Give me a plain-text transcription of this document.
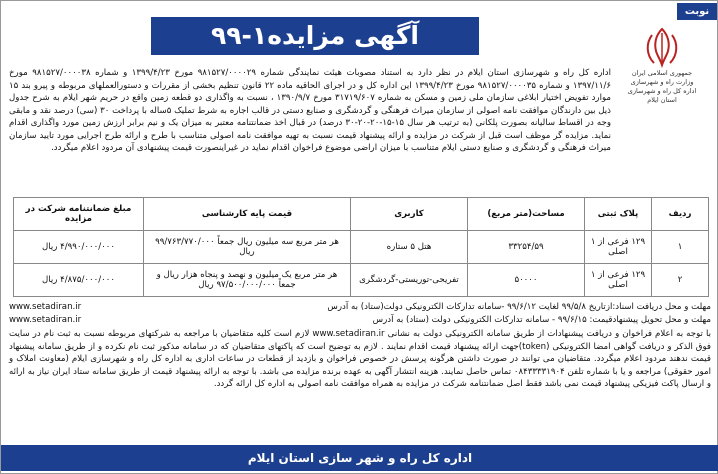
نوبت دوم
آگهی مزایده۱-۹۹
جمهوری اسلامی ایران
وزارت راه و شهرسازی
اداره کل راه و شهرسازی
استان ایلام
اداره کل راه و شهرسازی استان ایلام در نظر دارد به استناد مصوبات هیئت نمایندگی شماره ۹۸۱۵۲۷/۰۰۰۰۲۹ مورخ ۱۳۹۹/۴/۲۳ و شماره ۹۸۱۵۲۷/۰۰۰۰۳۸ مورخ ۱۳۹۷/۱۱/۶ و شماره ۹۸۱۵۲۷/۰۰۰۰۳۵ مورخ ۱۳۹۹/۴/۲۳ این اداره کل و در اجرای الحاقیه ماده ۲۲ قانون تنظیم بخشی از مقررات و دستورالعملهای مربوطه و پیرو بند ۱۵ موارد تفویض اختیار ابلاغی سازمان ملی زمین و مسکن به شماره ۳۱۷۱۹/۶۰۷ مورخ ۱۳۹۰/۹/۷ ، نسبت به واگذاری دو قطعه زمین واقع در حریم شهر ایلام به شرح جدول ذیل بین دارندگان موافقت نامه اصولی از سازمان میراث فرهنگی و گردشگری و صنایع دستی در قالب اجاره به شرط تملیک ۵ساله با پرداخت ۳۰ (سی) درصد نقد و مابقی وجه در اقساط سالیانه بصورت پلکانی (به ترتیب هر سال ۱۵-۱۵-۲۰-۲۰-۳۰ درصد) در قبال اخذ ضمانتنامه معتبر به میزان یک و نیم برابر ارزش زمین مورد واگذاری اقدام نماید. مزایده گر موظف است قبل از شرکت در مزایده و ارائه پیشنهاد قیمت نسبت به تهیه موافقت نامه اصولی متناسب با طرح و ارائه طرح اجرایی مورد تایید سازمان میراث فرهنگی و گردشگری و صنایع دستی ایلام متناسب با میزان اراضی موضوع فراخوان اقدام نماید در غیراینصورت قیمت پیشنهادی آن مردود اعلام میگردد.
ردیف	پلاک ثبتی	مساحت(متر مربع)	کاربری	قیمت پایه کارشناسی	مبلغ ضمانتنامه شرکت در مزایده
۱	۱۲۹ فرعی از ۱ اصلی	۳۳۲۵۴/۵۹	هتل ۵ ستاره	هر متر مربع سه میلیون ریال جمعاً ۹۹/۷۶۳/۷۷۰/۰۰۰ ریال	۴/۹۹۰/۰۰۰/۰۰۰ ریال
۲	۱۲۹ فرعی از ۱ اصلی	۵۰۰۰۰	تفریحی-توریستی-گردشگری	هر متر مربع یک میلیون و نهصد و پنجاه هزار ریال و جمعاً ۹۷/۵۰۰/۰۰۰/۰۰۰ ریال	۴/۸۷۵/۰۰۰/۰۰۰ ریال
مهلت و محل دریافت اسناد:ازتاریخ ۹۹/۵/۸ لغایت ۹۹/۶/۱۲ -سامانه تدارکات الکترونیکی دولت(ستاد) به آدرس
www.setadiran.ir
مهلت و محل تحویل پیشنهادقیمت: ۹۹/۶/۱۵ - سامانه تدارکات الکترونیکی دولت (ستاد) به آدرس
www.setadiran.ir
با توجه به اعلام فراخوان و دریافت پیشنهادات از طریق سامانه الکترونیکی دولت به نشانی www.setadiran.ir لازم است کلیه متقاضیان با مراجعه به شرکتهای مربوطه نسبت به ثبت نام در سایت فوق الذکر و دریافت گواهی امضا الکترونیکی (token)جهت ارائه پیشنهاد قیمت اقدام نمایند . لازم به توضیح است که پاکتهای متقاضیان که در سامانه مذکور ثبت نام نکرده و از طریق سامانه پیشنهاد قیمت ندهند مردود اعلام میگردد. متقاضیان می توانند در صورت داشتن هرگونه پرسش در خصوص فراخوان و بازدید از قطعات در ساعات اداری به اداره کل راه و شهرسازی ایلام (معاونت املاک و امور حقوقی) مراجعه و یا با شماره تلفن ۰۸۴۳۳۳۳۱۹۰۴ تماس حاصل نمایند. هزینه انتشار آگهی به عهده برنده مزایده می باشد. با توجه به ارائه پیشنهاد قیمت از طریق سامانه ستاد ایران نیاز به ارائه و ارسال پاکت فیزیکی پیشنهاد قیمت نمی باشد فقط اصل ضمانتنامه شرکت در مزایده به همراه موافقت نامه اصولی به اداره کل ارائه گردد.
اداره کل راه و شهر سازی استان ایلام
